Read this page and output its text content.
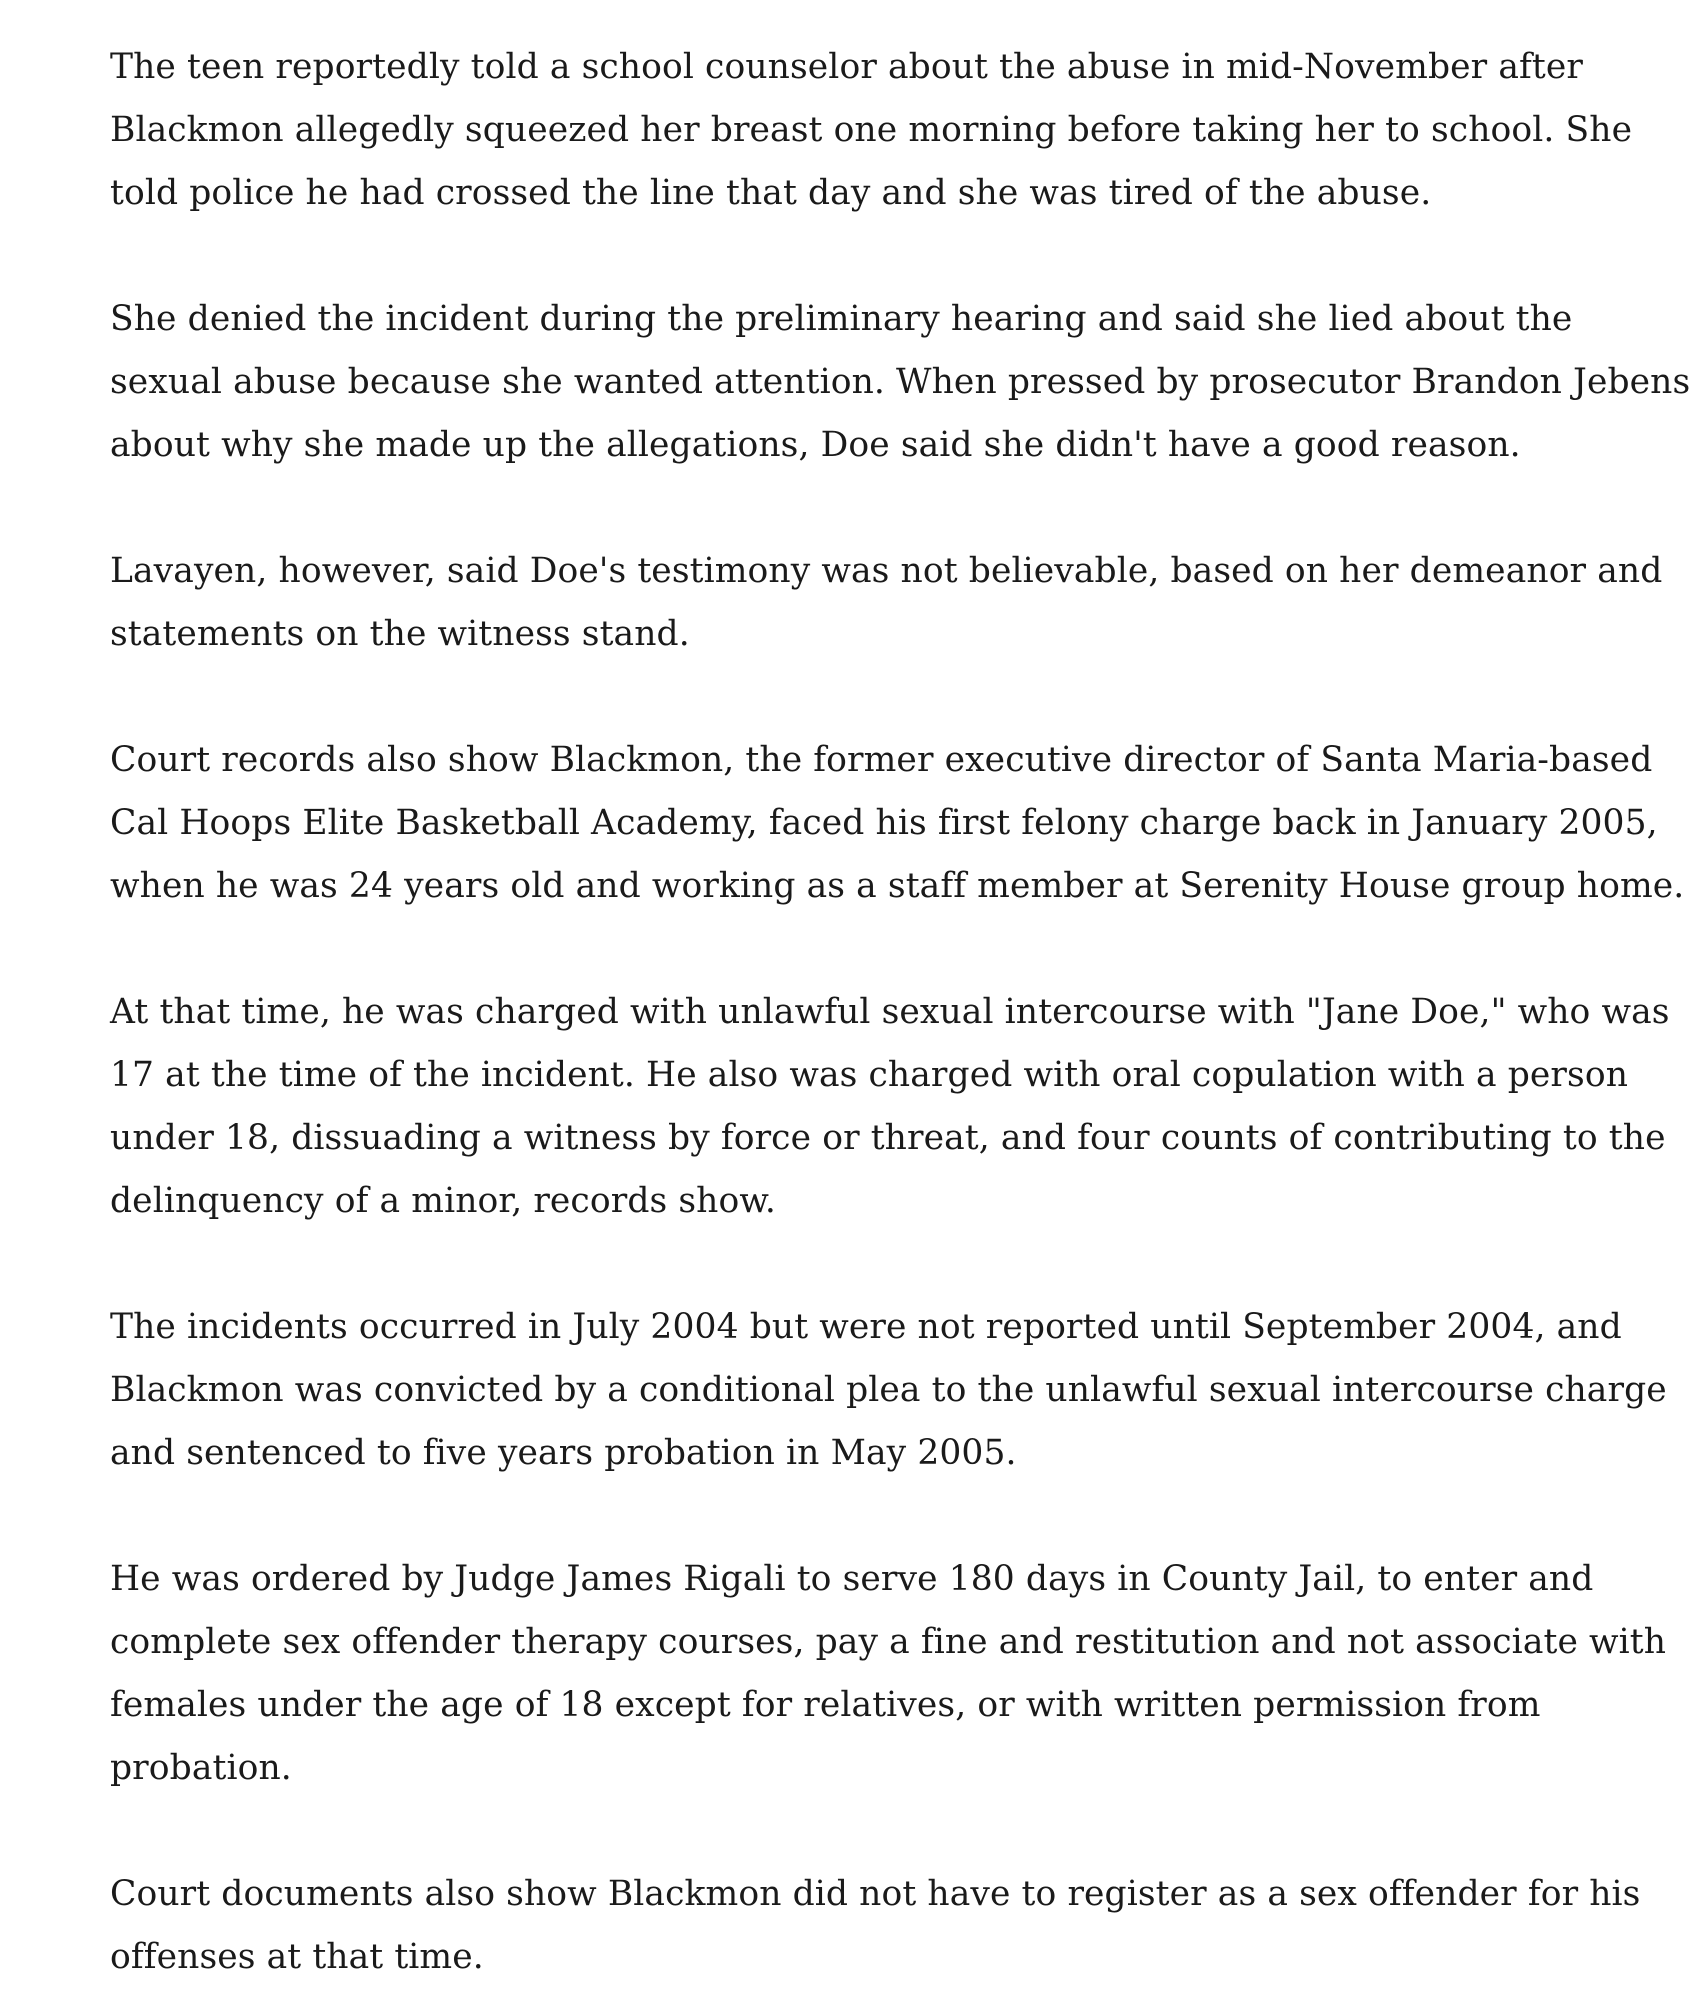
The teen reportedly told a school counselor about the abuse in mid-November after
Blackmon allegedly squeezed her breast one morning before taking her to school. She
told police he had crossed the line that day and she was tired of the abuse.

She denied the incident during the preliminary hearing and said she lied about the
sexual abuse because she wanted attention. When pressed by prosecutor Brandon Jebens
about why she made up the allegations, Doe said she didn't have a good reason.

Lavayen, however, said Doe's testimony was not believable, based on her demeanor and
statements on the witness stand.

Court records also show Blackmon, the former executive director of Santa Maria-based
Cal Hoops Elite Basketball Academy, faced his first felony charge back in January 2005,
when he was 24 years old and working as a staff member at Serenity House group home.

At that time, he was charged with unlawful sexual intercourse with "Jane Doe," who was
17 at the time of the incident. He also was charged with oral copulation with a person
under 18, dissuading a witness by force or threat, and four counts of contributing to the
delinquency of a minor, records show.

The incidents occurred in July 2004 but were not reported until September 2004, and
Blackmon was convicted by a conditional plea to the unlawful sexual intercourse charge
and sentenced to five years probation in May 2005.

He was ordered by Judge James Rigali to serve 180 days in County Jail, to enter and
complete sex offender therapy courses, pay a fine and restitution and not associate with
females under the age of 18 except for relatives, or with written permission from
probation.

Court documents also show Blackmon did not have to register as a sex offender for his
offenses at that time.
